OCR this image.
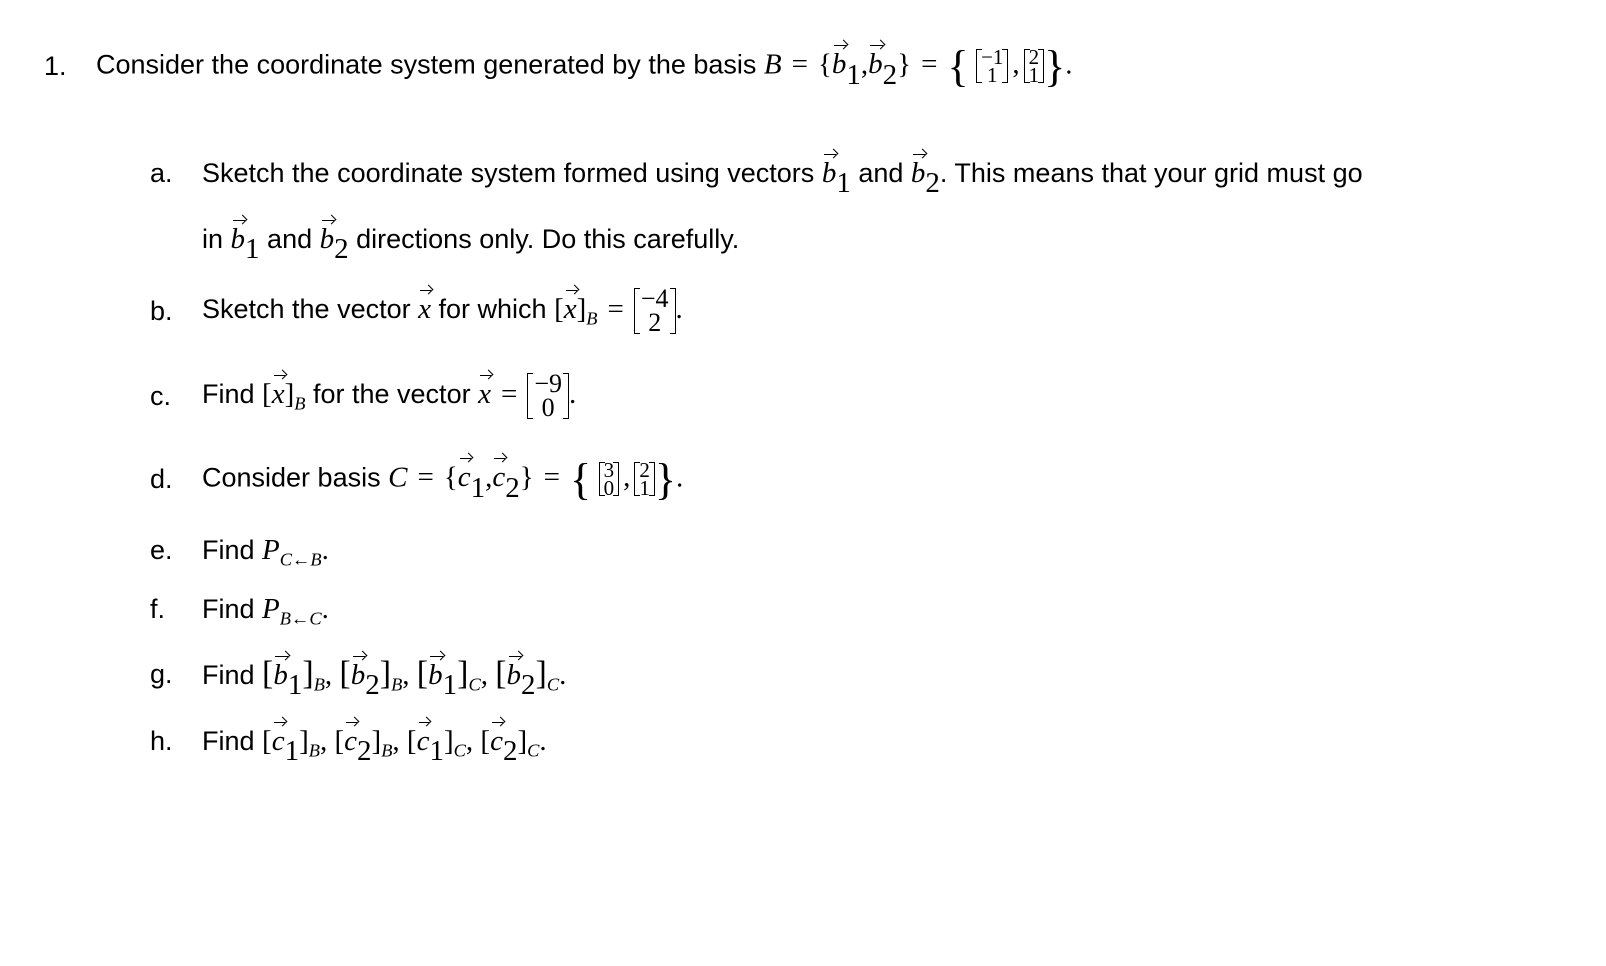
1. Consider the coordinate system generated by the basis $B = \{b_1,b_2\}$ = { −1
1 , 2
1 }.
a. Sketch the coordinate system formed using vectors $b_1$ and $b_2$. This means that your grid must go
in $b_1$ and $b_2$ directions only. Do this carefully.
b. Sketch the vector x for which $[x]_B = -4$
2 .
c. Find $[x]_B$ for the vector x = −9
0 .
d. Consider basis $C = \{c_1,c_2\}$ = { 3
0 , 2
1 }.
e. Find $P_{C\leftarrow B}$.
f. Find $P_{B\leftarrow C}$.
g. Find $[b_1]_B$, $[b_2]_B$, $[b_1]_C$, $[b_2]_C$.
h. Find $[c_1]_B$, $[c_2]_B$, $[c_1]_C$, $[c_2]_C$.
